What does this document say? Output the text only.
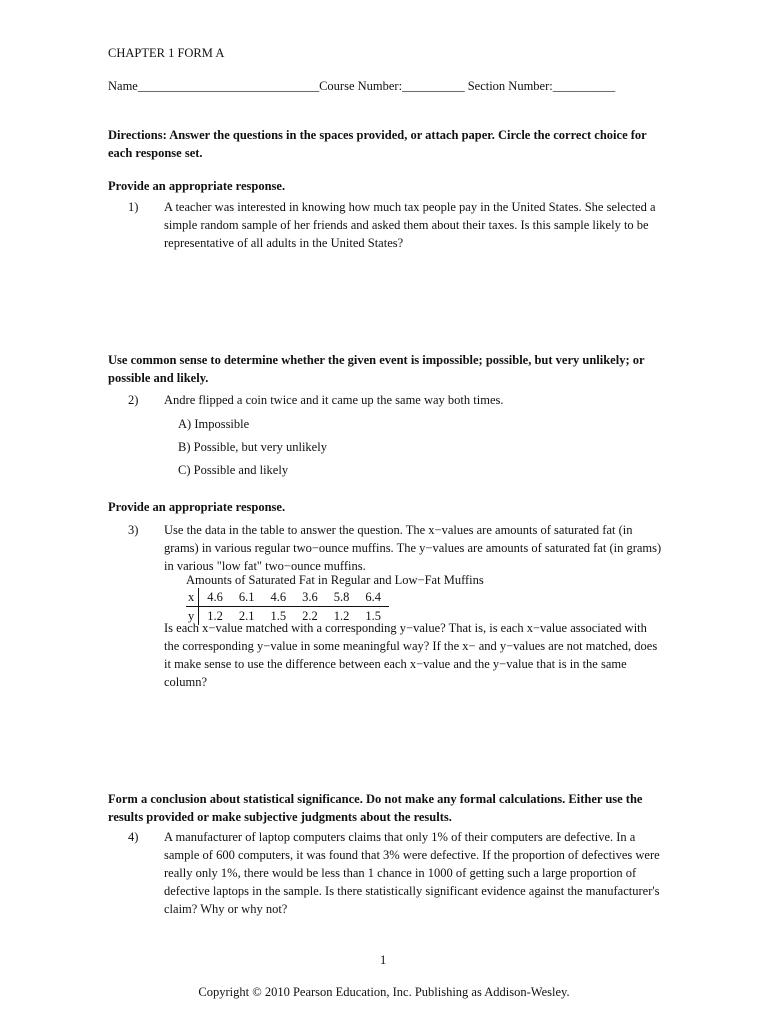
CHAPTER 1 FORM A
Name_____________________________Course Number:__________ Section Number:__________
Directions: Answer the questions in the spaces provided, or attach paper. Circle the correct choice for each response set.
Provide an appropriate response.
1) A teacher was interested in knowing how much tax people pay in the United States. She selected a simple random sample of her friends and asked them about their taxes. Is this sample likely to be representative of all adults in the United States?
Use common sense to determine whether the given event is impossible; possible, but very unlikely; or possible and likely.
2) Andre flipped a coin twice and it came up the same way both times.
A) Impossible
B) Possible, but very unlikely
C) Possible and likely
Provide an appropriate response.
3) Use the data in the table to answer the question. The x−values are amounts of saturated fat (in grams) in various regular two−ounce muffins. The y−values are amounts of saturated fat (in grams) in various "low fat" two−ounce muffins.
Amounts of Saturated Fat in Regular and Low−Fat Muffins
x	4.6	6.1	4.6	3.6	5.8	6.4
y	1.2	2.1	1.5	2.2	1.2	1.5
Is each x−value matched with a corresponding y−value? That is, is each x−value associated with the corresponding y−value in some meaningful way? If the x− and y−values are not matched, does it make sense to use the difference between each x−value and the y−value that is in the same column?
Form a conclusion about statistical significance. Do not make any formal calculations. Either use the results provided or make subjective judgments about the results.
4) A manufacturer of laptop computers claims that only 1% of their computers are defective. In a sample of 600 computers, it was found that 3% were defective. If the proportion of defectives were really only 1%, there would be less than 1 chance in 1000 of getting such a large proportion of defective laptops in the sample. Is there statistically significant evidence against the manufacturer's claim? Why or why not?
1
Copyright © 2010 Pearson Education, Inc. Publishing as Addison-Wesley.
